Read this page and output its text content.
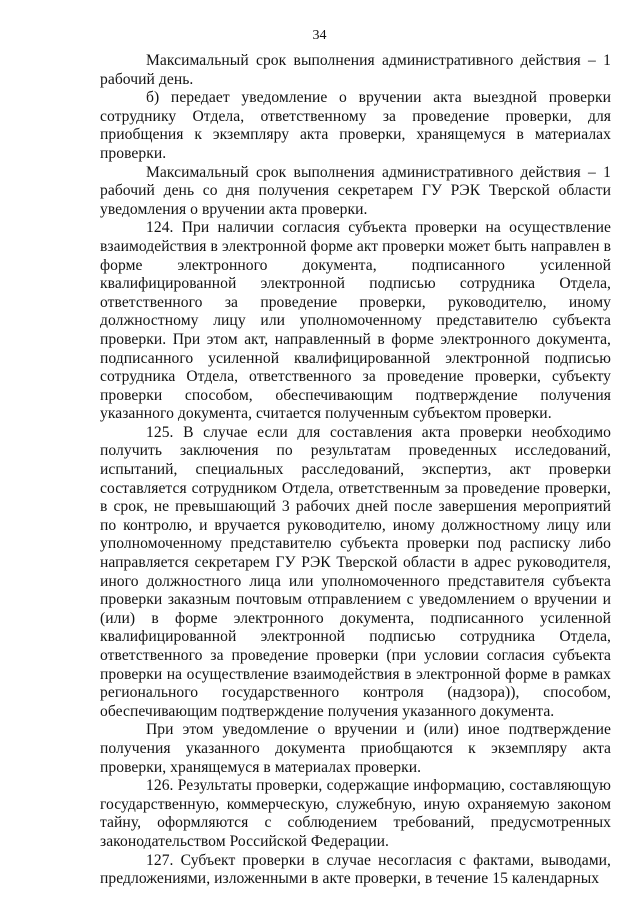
34

Максимальный срок выполнения административного действия – 1 рабочий день.

б) передает уведомление о вручении акта выездной проверки сотруднику Отдела, ответственному за проведение проверки, для приобщения к экземпляру акта проверки, хранящемуся в материалах проверки.

Максимальный срок выполнения административного действия – 1 рабочий день со дня получения секретарем ГУ РЭК Тверской области уведомления о вручении акта проверки.

124. При наличии согласия субъекта проверки на осуществление взаимодействия в электронной форме акт проверки может быть направлен в форме электронного документа, подписанного усиленной квалифицированной электронной подписью сотрудника Отдела, ответственного за проведение проверки, руководителю, иному должностному лицу или уполномоченному представителю субъекта проверки. При этом акт, направленный в форме электронного документа, подписанного усиленной квалифицированной электронной подписью сотрудника Отдела, ответственного за проведение проверки, субъекту проверки способом, обеспечивающим подтверждение получения указанного документа, считается полученным субъектом проверки.

125. В случае если для составления акта проверки необходимо получить заключения по результатам проведенных исследований, испытаний, специальных расследований, экспертиз, акт проверки составляется сотрудником Отдела, ответственным за проведение проверки, в срок, не превышающий 3 рабочих дней после завершения мероприятий по контролю, и вручается руководителю, иному должностному лицу или уполномоченному представителю субъекта проверки под расписку либо направляется секретарем ГУ РЭК Тверской области в адрес руководителя, иного должностного лица или уполномоченного представителя субъекта проверки заказным почтовым отправлением с уведомлением о вручении и (или) в форме электронного документа, подписанного усиленной квалифицированной электронной подписью сотрудника Отдела, ответственного за проведение проверки (при условии согласия субъекта проверки на осуществление взаимодействия в электронной форме в рамках регионального государственного контроля (надзора)), способом, обеспечивающим подтверждение получения указанного документа.

При этом уведомление о вручении и (или) иное подтверждение получения указанного документа приобщаются к экземпляру акта проверки, хранящемуся в материалах проверки.

126. Результаты проверки, содержащие информацию, составляющую государственную, коммерческую, служебную, иную охраняемую законом тайну, оформляются с соблюдением требований, предусмотренных законодательством Российской Федерации.

127. Субъект проверки в случае несогласия с фактами, выводами, предложениями, изложенными в акте проверки, в течение 15 календарных
